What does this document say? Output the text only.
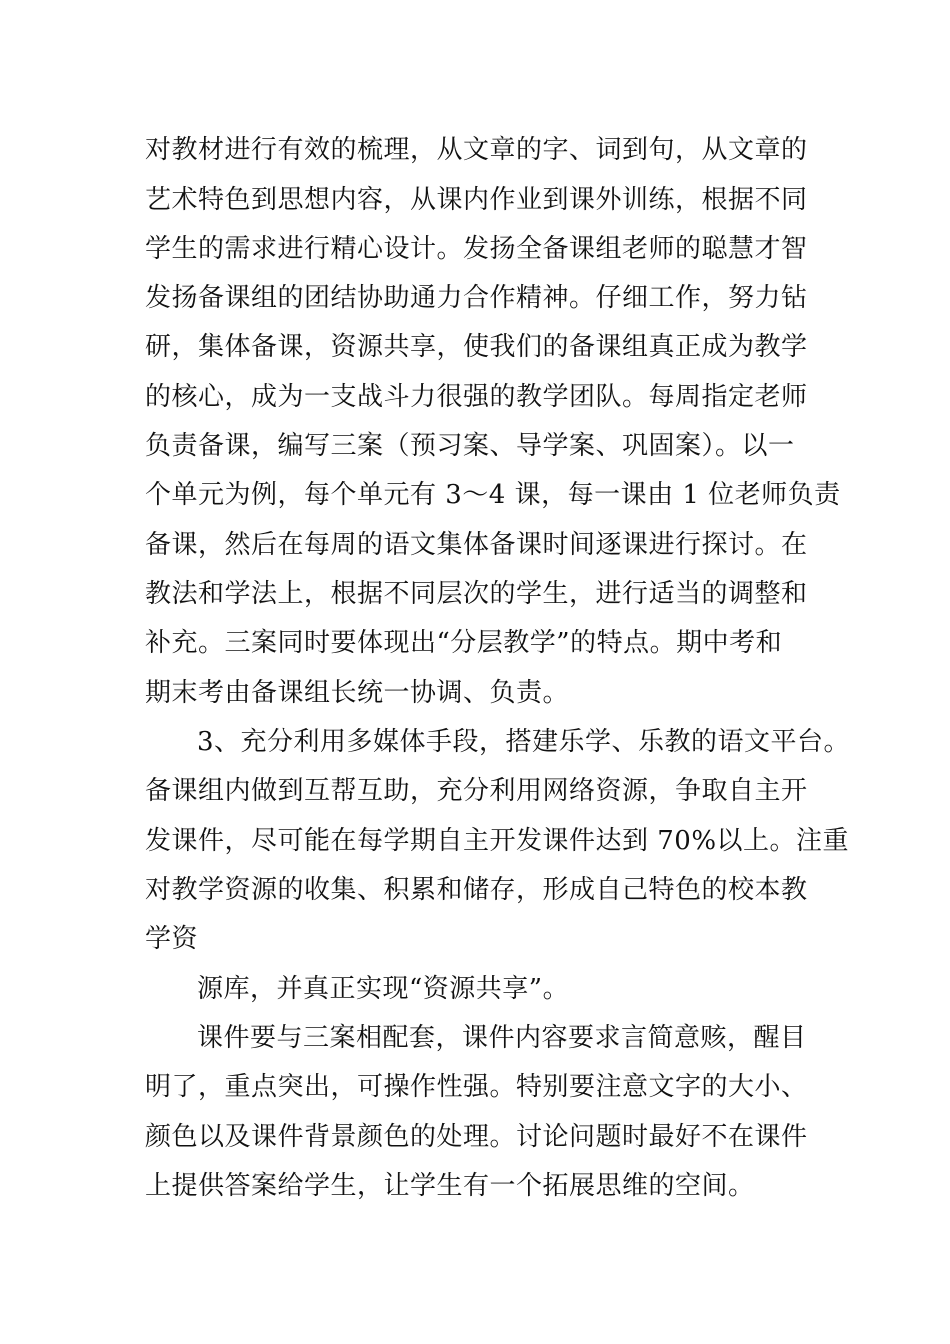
对教材进行有效的梳理，从文章的字、词到句，从文章的
艺术特色到思想内容，从课内作业到课外训练，根据不同
学生的需求进行精心设计。发扬全备课组老师的聪慧才智
发扬备课组的团结协助通力合作精神。仔细工作，努力钻
研，集体备课，资源共享，使我们的备课组真正成为教学
的核心，成为一支战斗力很强的教学团队。每周指定老师
负责备课，编写三案（预习案、导学案、巩固案）。以一
个单元为例，每个单元有 3～4 课，每一课由 1 位老师负责
备课，然后在每周的语文集体备课时间逐课进行探讨。在
教法和学法上，根据不同层次的学生，进行适当的调整和
补充。三案同时要体现出“分层教学”的特点。期中考和
期末考由备课组长统一协调、负责。
3、充分利用多媒体手段，搭建乐学、乐教的语文平台。
备课组内做到互帮互助，充分利用网络资源，争取自主开
发课件，尽可能在每学期自主开发课件达到 70%以上。注重
对教学资源的收集、积累和储存，形成自己特色的校本教
学资
源库，并真正实现“资源共享”。
课件要与三案相配套，课件内容要求言简意赅，醒目
明了，重点突出，可操作性强。特别要注意文字的大小、
颜色以及课件背景颜色的处理。讨论问题时最好不在课件
上提供答案给学生，让学生有一个拓展思维的空间。
